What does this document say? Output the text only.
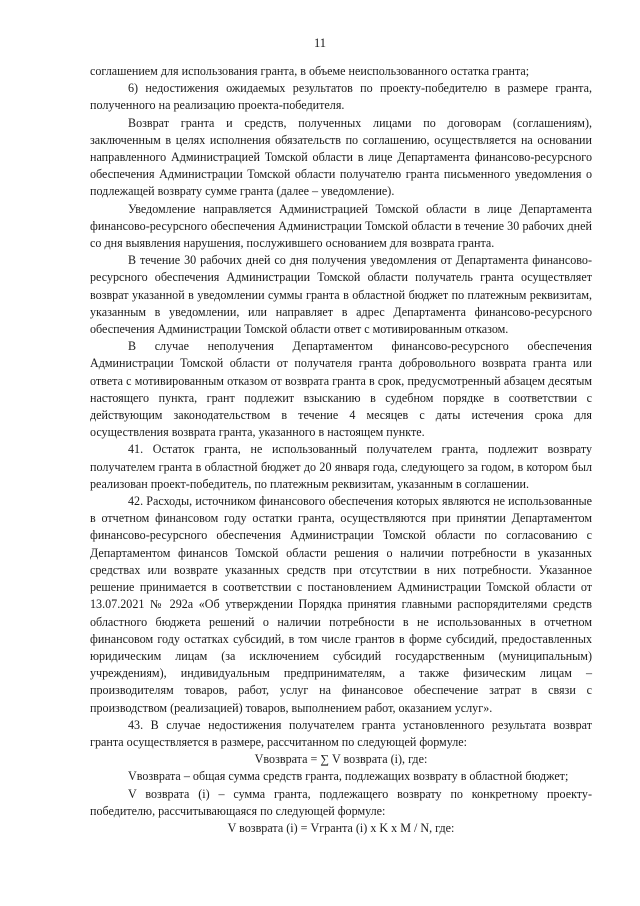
11

соглашением для использования гранта, в объеме неиспользованного остатка гранта;

6) недостижения ожидаемых результатов по проекту-победителю в размере гранта, полученного на реализацию проекта-победителя.

Возврат гранта и средств, полученных лицами по договорам (соглашениям), заключенным в целях исполнения обязательств по соглашению, осуществляется на основании направленного Администрацией Томской области в лице Департамента финансово-ресурсного обеспечения Администрации Томской области получателю гранта письменного уведомления о подлежащей возврату сумме гранта (далее – уведомление).

Уведомление направляется Администрацией Томской области в лице Департамента финансово-ресурсного обеспечения Администрации Томской области в течение 30 рабочих дней со дня выявления нарушения, послужившего основанием для возврата гранта.

В течение 30 рабочих дней со дня получения уведомления от Департамента финансово-ресурсного обеспечения Администрации Томской области получатель гранта осуществляет возврат указанной в уведомлении суммы гранта в областной бюджет по платежным реквизитам, указанным в уведомлении, или направляет в адрес Департамента финансово-ресурсного обеспечения Администрации Томской области ответ с мотивированным отказом.

В случае неполучения Департаментом финансово-ресурсного обеспечения Администрации Томской области от получателя гранта добровольного возврата гранта или ответа с мотивированным отказом от возврата гранта в срок, предусмотренный абзацем десятым настоящего пункта, грант подлежит взысканию в судебном порядке в соответствии с действующим законодательством в течение 4 месяцев с даты истечения срока для осуществления возврата гранта, указанного в настоящем пункте.

41. Остаток гранта, не использованный получателем гранта, подлежит возврату получателем гранта в областной бюджет до 20 января года, следующего за годом, в котором был реализован проект-победитель, по платежным реквизитам, указанным в соглашении.

42. Расходы, источником финансового обеспечения которых являются не использованные в отчетном финансовом году остатки гранта, осуществляются при принятии Департаментом финансово-ресурсного обеспечения Администрации Томской области по согласованию с Департаментом финансов Томской области решения о наличии потребности в указанных средствах или возврате указанных средств при отсутствии в них потребности. Указанное решение принимается в соответствии с постановлением Администрации Томской области от 13.07.2021 № 292а «Об утверждении Порядка принятия главными распорядителями средств областного бюджета решений о наличии потребности в не использованных в отчетном финансовом году остатках субсидий, в том числе грантов в форме субсидий, предоставленных юридическим лицам (за исключением субсидий государственным (муниципальным) учреждениям), индивидуальным предпринимателям, а также физическим лицам – производителям товаров, работ, услуг на финансовое обеспечение затрат в связи с производством (реализацией) товаров, выполнением работ, оказанием услуг».

43. В случае недостижения получателем гранта установленного результата возврат гранта осуществляется в размере, рассчитанном по следующей формуле:

Vвозврата = ∑ V возврата (i), где:

Vвозврата – общая сумма средств гранта, подлежащих возврату в областной бюджет;

V возврата (i) – сумма гранта, подлежащего возврату по конкретному проекту-победителю, рассчитывающаяся по следующей формуле:

V возврата (i) = Vгранта (i) х K х M / N, где:
